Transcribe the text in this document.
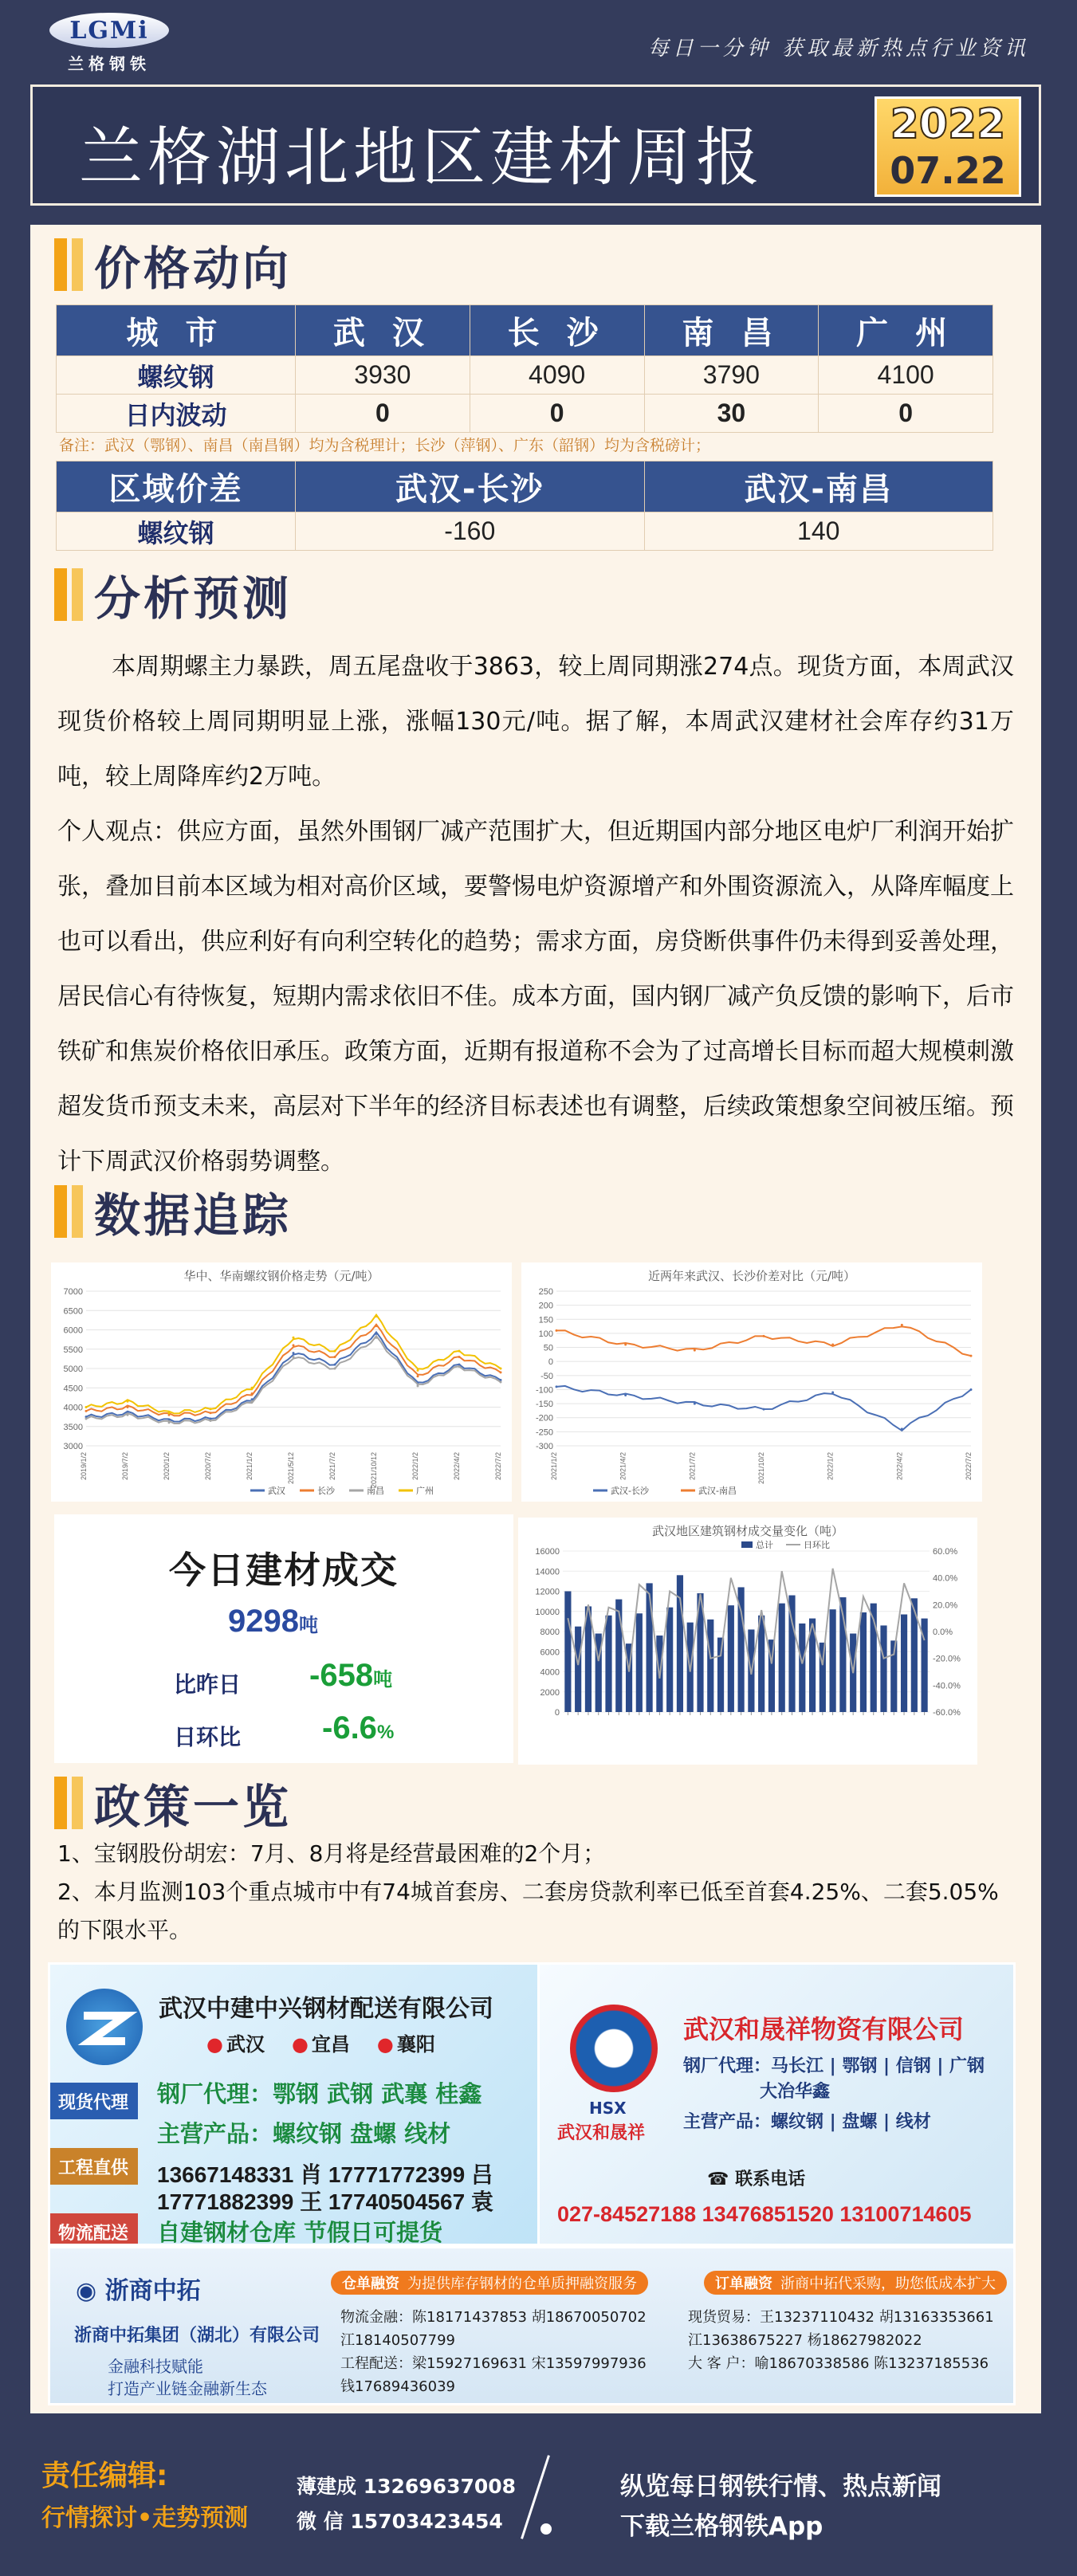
LGMi
兰格钢铁
每日一分钟 获取最新热点行业资讯
兰格湖北地区建材周报	2022
07.22
价格动向
城 市	武 汉	长 沙	南 昌	广 州
螺纹钢	3930	4090	3790	4100
日内波动	0	0	30	0
备注：武汉（鄂钢）、南昌（南昌钢）均为含税理计；长沙（萍钢）、广东（韶钢）均为含税磅计；
区域价差	武汉-长沙	武汉-南昌
螺纹钢	-160	140
分析预测

本周期螺主力暴跌，周五尾盘收于3863，较上周同期涨274点。现货方面，本周武汉现货价格较上周同期明显上涨，涨幅130元/吨。据了解，本周武汉建材社会库存约31万吨，较上周降库约2万吨。

个人观点：供应方面，虽然外围钢厂减产范围扩大，但近期国内部分地区电炉厂利润开始扩张，叠加目前本区域为相对高价区域，要警惕电炉资源增产和外围资源流入，从降库幅度上也可以看出，供应利好有向利空转化的趋势；需求方面，房贷断供事件仍未得到妥善处理，居民信心有待恢复，短期内需求依旧不佳。成本方面，国内钢厂减产负反馈的影响下，后市铁矿和焦炭价格依旧承压。政策方面，近期有报道称不会为了过高增长目标而超大规模刺激超发货币预支未来，高层对下半年的经济目标表述也有调整，后续政策想象空间被压缩。预计下周武汉价格弱势调整。

数据追踪
华中、华南螺纹钢价格走势（元/吨）
7000
6500
6000
5500
5000
4500
4000
3500
3000
2019/1/2	2019/7/2	2020/1/2	2020/7/2	2021/1/2	2021/5/12	2021/7/2	2021/10/12	2022/1/2	2022/4/2	2022/7/2
武汉	长沙	南昌	广州
近两年来武汉、长沙价差对比（元/吨）
250
200
150
100
50
0
-50
-100
-150
-200
-250
-300
2021/1/2	2021/4/2	2021/7/2	2021/10/2	2022/1/2	2022/4/2	2022/7/2
武汉-长沙	武汉-南昌
今日建材成交
9298吨
比昨日 -658吨
日环比	-6.6%
武汉地区建筑钢材成交量变化（吨）
总计	日环比
16000
14000
12000
10000
8000
6000
4000
2000
0
60.0%
40.0%
20.0%
0.0%
-20.0%
-40.0%
-60.0%
政策一览

1、宝钢股份胡宏：7月、8月将是经营最困难的2个月；

2、本月监测103个重点城市中有74城首套房、二套房贷款利率已低至首套4.25%、二套5.05%的下限水平。

武汉中建中兴钢材配送有限公司
● 武汉 ● 宜昌 ● 襄阳
现货代理
工程直供
物流配送
钢厂代理：鄂钢 武钢 武襄 桂鑫
主营产品：螺纹钢 盘螺 线材
13667148331 肖 17771772399 吕
17771882399 王 17740504567 袁
自建钢材仓库 节假日可提货
HSX
武汉和晟祥
武汉和晟祥物资有限公司
钢厂代理：马长江 | 鄂钢 | 信钢 | 广钢
大冶华鑫
主营产品：螺纹钢 | 盘螺 | 线材
☎ 联系电话
027-84527188 13476851520 13100714605
◉ 浙商中拓
浙商中拓集团（湖北）有限公司
金融科技赋能
打造产业链金融新生态
仓单融资 为提供库存钢材的仓单质押融资服务	订单融资 浙商中拓代采购，助您低成本扩大
物流金融：陈18171437853 胡18670050702
江18140507799
工程配送：梁15927169631 宋13597997936
钱17689436039
现货贸易：王13237110432 胡13163353661
江13638675227 杨18627982022
大 客 户：喻18670338586 陈13237185536
责任编辑:
行情探讨•走势预测
薄建成 13269637008
微 信 15703423454
纵览每日钢铁行情、热点新闻
下载兰格钢铁App
